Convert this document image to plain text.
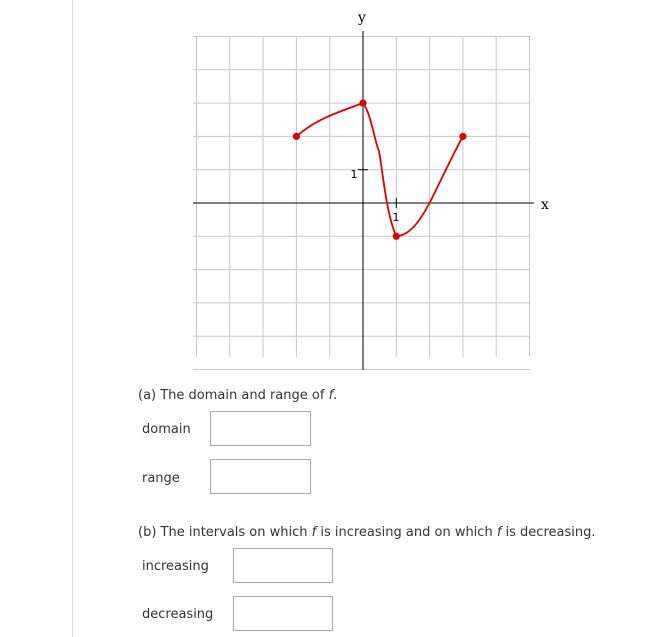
x
y
1
1
(a) The domain and range of f.
domain
range
(b) The intervals on which f is increasing and on which f is decreasing.
increasing
decreasing
